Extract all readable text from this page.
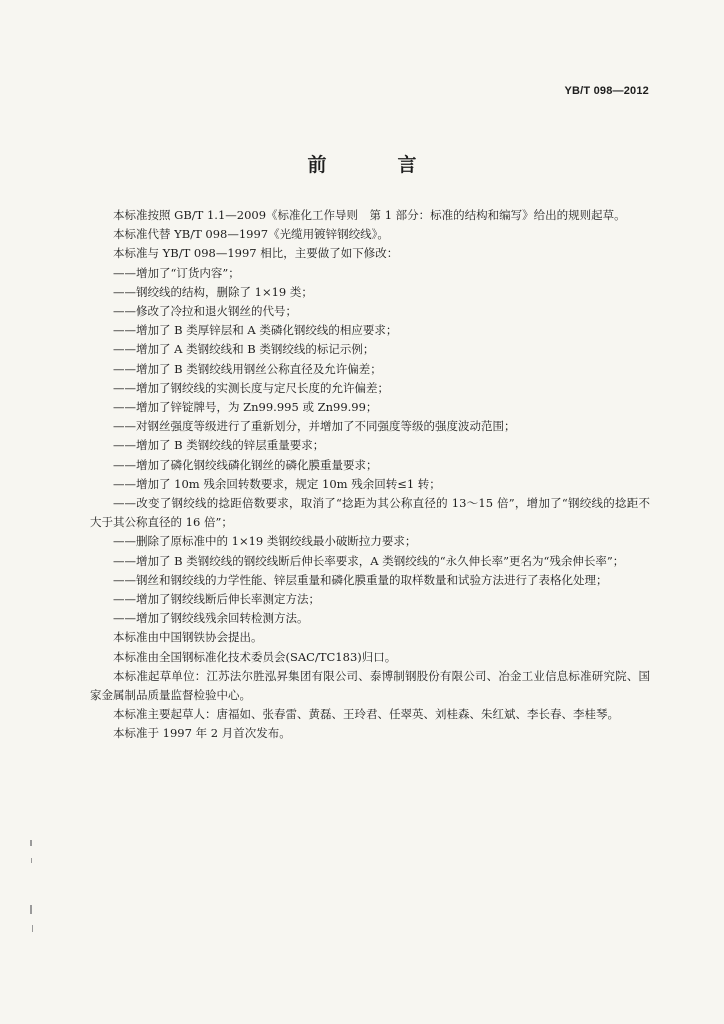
YB/T 098—2012
前　言

本标准按照 GB/T 1.1—2009《标准化工作导则　第 1 部分：标准的结构和编写》给出的规则起草。

本标准代替 YB/T 098—1997《光缆用镀锌钢绞线》。

本标准与 YB/T 098—1997 相比，主要做了如下修改：

——增加了“订货内容”；

——钢绞线的结构，删除了 1×19 类；

——修改了冷拉和退火钢丝的代号；

——增加了 B 类厚锌层和 A 类磷化钢绞线的相应要求；

——增加了 A 类钢绞线和 B 类钢绞线的标记示例；

——增加了 B 类钢绞线用钢丝公称直径及允许偏差；

——增加了钢绞线的实测长度与定尺长度的允许偏差；

——增加了锌锭牌号，为 Zn99.995 或 Zn99.99；

——对钢丝强度等级进行了重新划分，并增加了不同强度等级的强度波动范围；

——增加了 B 类钢绞线的锌层重量要求；

——增加了磷化钢绞线磷化钢丝的磷化膜重量要求；

——增加了 10m 残余回转数要求，规定 10m 残余回转≤1 转；

——改变了钢绞线的捻距倍数要求，取消了“捻距为其公称直径的 13～15 倍”，增加了“钢绞线的捻距不大于其公称直径的 16 倍”；

——删除了原标准中的 1×19 类钢绞线最小破断拉力要求；

——增加了 B 类钢绞线的钢绞线断后伸长率要求，A 类钢绞线的“永久伸长率”更名为“残余伸长率”；

——钢丝和钢绞线的力学性能、锌层重量和磷化膜重量的取样数量和试验方法进行了表格化处理；

——增加了钢绞线断后伸长率测定方法；

——增加了钢绞线残余回转检测方法。

本标准由中国钢铁协会提出。

本标准由全国钢标准化技术委员会(SAC/TC183)归口。

本标准起草单位：江苏法尔胜泓昇集团有限公司、泰博制钢股份有限公司、冶金工业信息标准研究院、国家金属制品质量监督检验中心。

本标准主要起草人：唐福如、张春雷、黄磊、王玲君、任翠英、刘桂森、朱红斌、李长春、李桂琴。

本标准于 1997 年 2 月首次发布。
